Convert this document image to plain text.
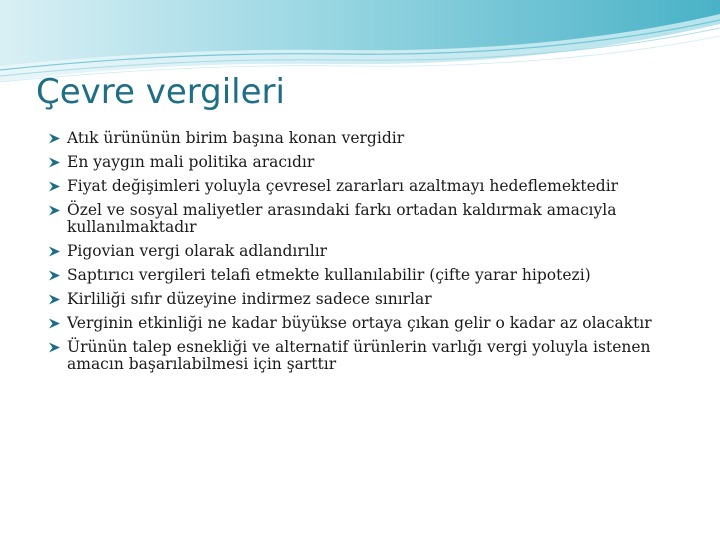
Çevre vergileri
Atık ürününün birim başına konan vergidir
En yaygın mali politika aracıdır
Fiyat değişimleri yoluyla çevresel zararları azaltmayı hedeflemektedir
Özel ve sosyal maliyetler arasındaki farkı ortadan kaldırmak amacıyla kullanılmaktadır
Pigovian vergi olarak adlandırılır
Saptırıcı vergileri telafi etmekte kullanılabilir (çifte yarar hipotezi)
Kirliliği sıfır düzeyine indirmez sadece sınırlar
Verginin etkinliği ne kadar büyükse ortaya çıkan gelir o kadar az olacaktır
Ürünün talep esnekliği ve alternatif ürünlerin varlığı vergi yoluyla istenen amacın başarılabilmesi için şarttır
